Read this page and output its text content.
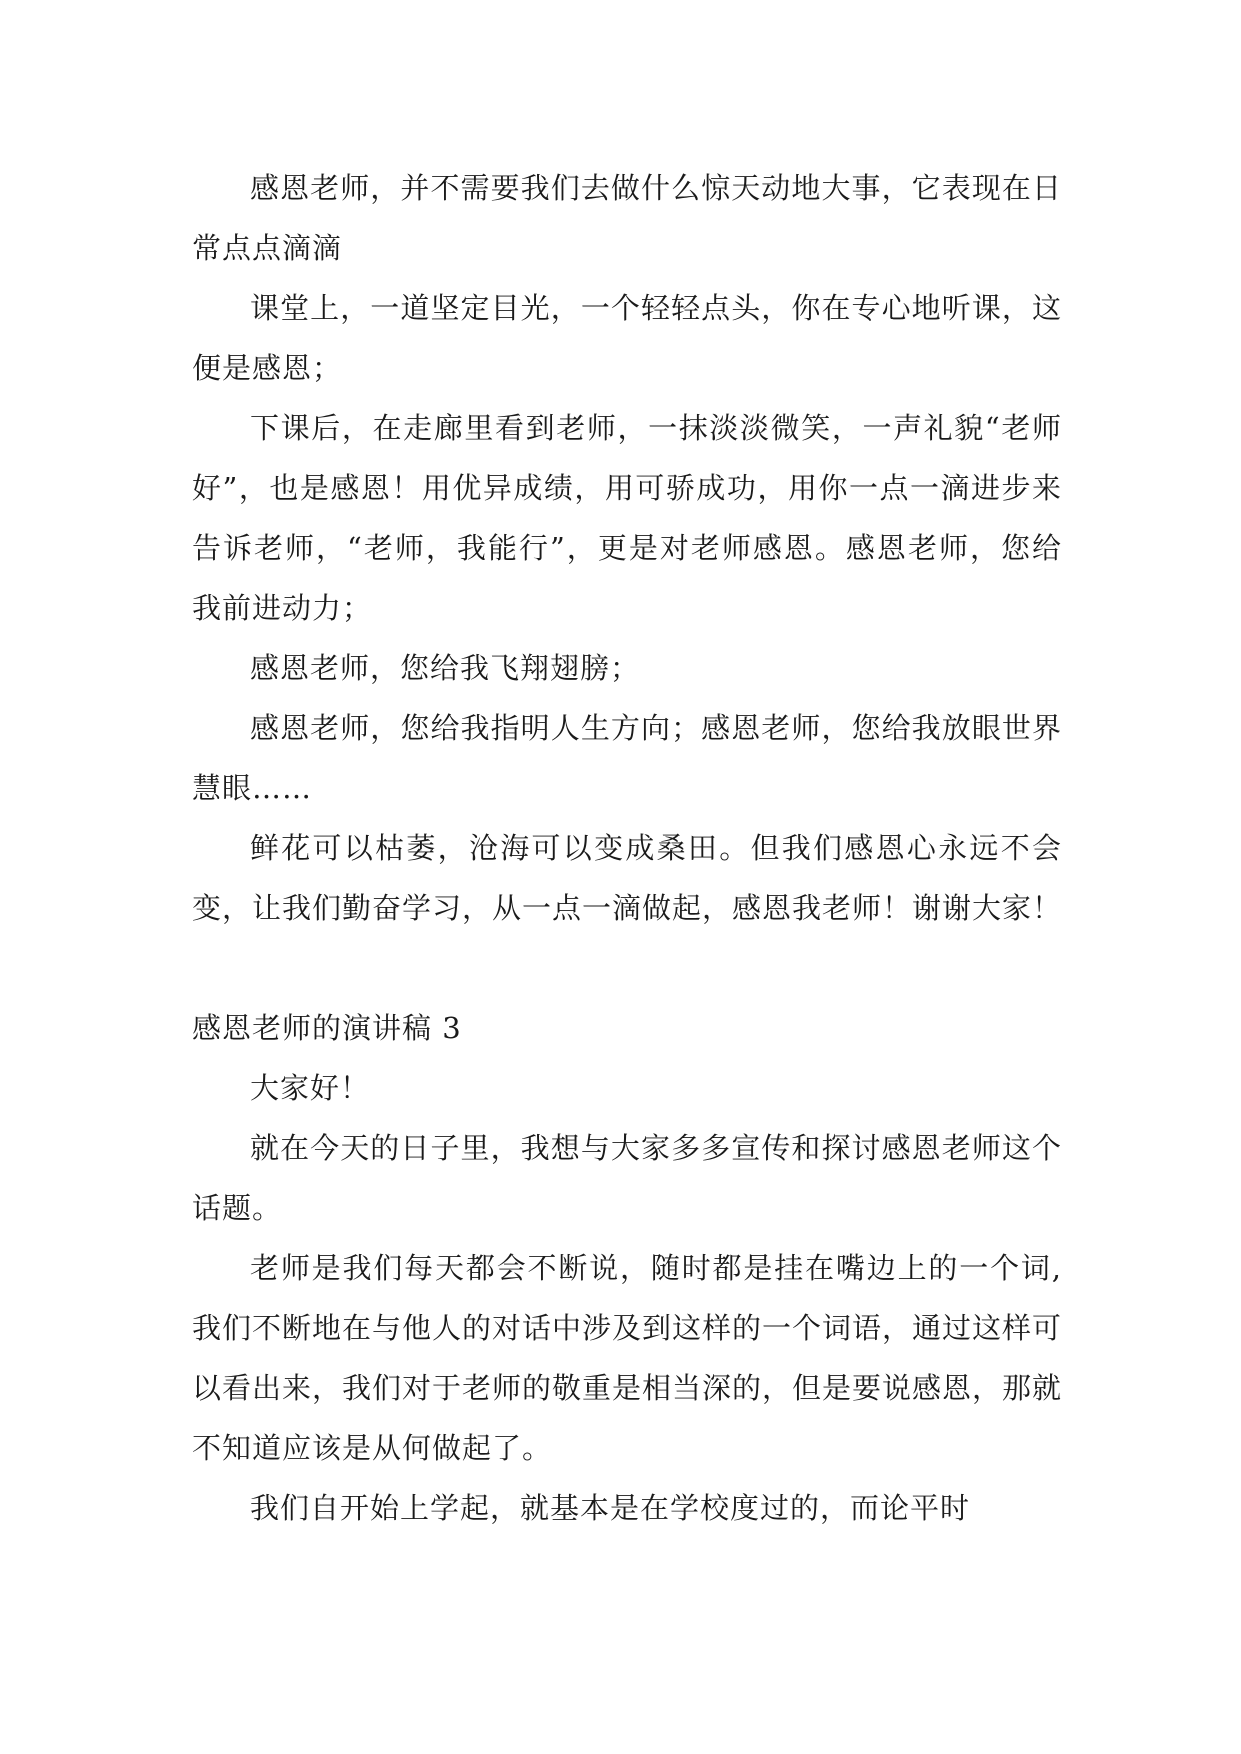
感恩老师，并不需要我们去做什么惊天动地大事，它表现在日常点点滴滴

课堂上，一道坚定目光，一个轻轻点头，你在专心地听课，这便是感恩；

下课后，在走廊里看到老师，一抹淡淡微笑，一声礼貌“老师好”，也是感恩！用优异成绩，用可骄成功，用你一点一滴进步来告诉老师，“老师，我能行”，更是对老师感恩。感恩老师，您给我前进动力；

感恩老师，您给我飞翔翅膀；

感恩老师，您给我指明人生方向；感恩老师，您给我放眼世界慧眼……

鲜花可以枯萎，沧海可以变成桑田。但我们感恩心永远不会变，让我们勤奋学习，从一点一滴做起，感恩我老师！谢谢大家！

感恩老师的演讲稿 3

大家好！

就在今天的日子里，我想与大家多多宣传和探讨感恩老师这个话题。

老师是我们每天都会不断说，随时都是挂在嘴边上的一个词,我们不断地在与他人的对话中涉及到这样的一个词语，通过这样可以看出来，我们对于老师的敬重是相当深的，但是要说感恩，那就不知道应该是从何做起了。

我们自开始上学起，就基本是在学校度过的，而论平时
